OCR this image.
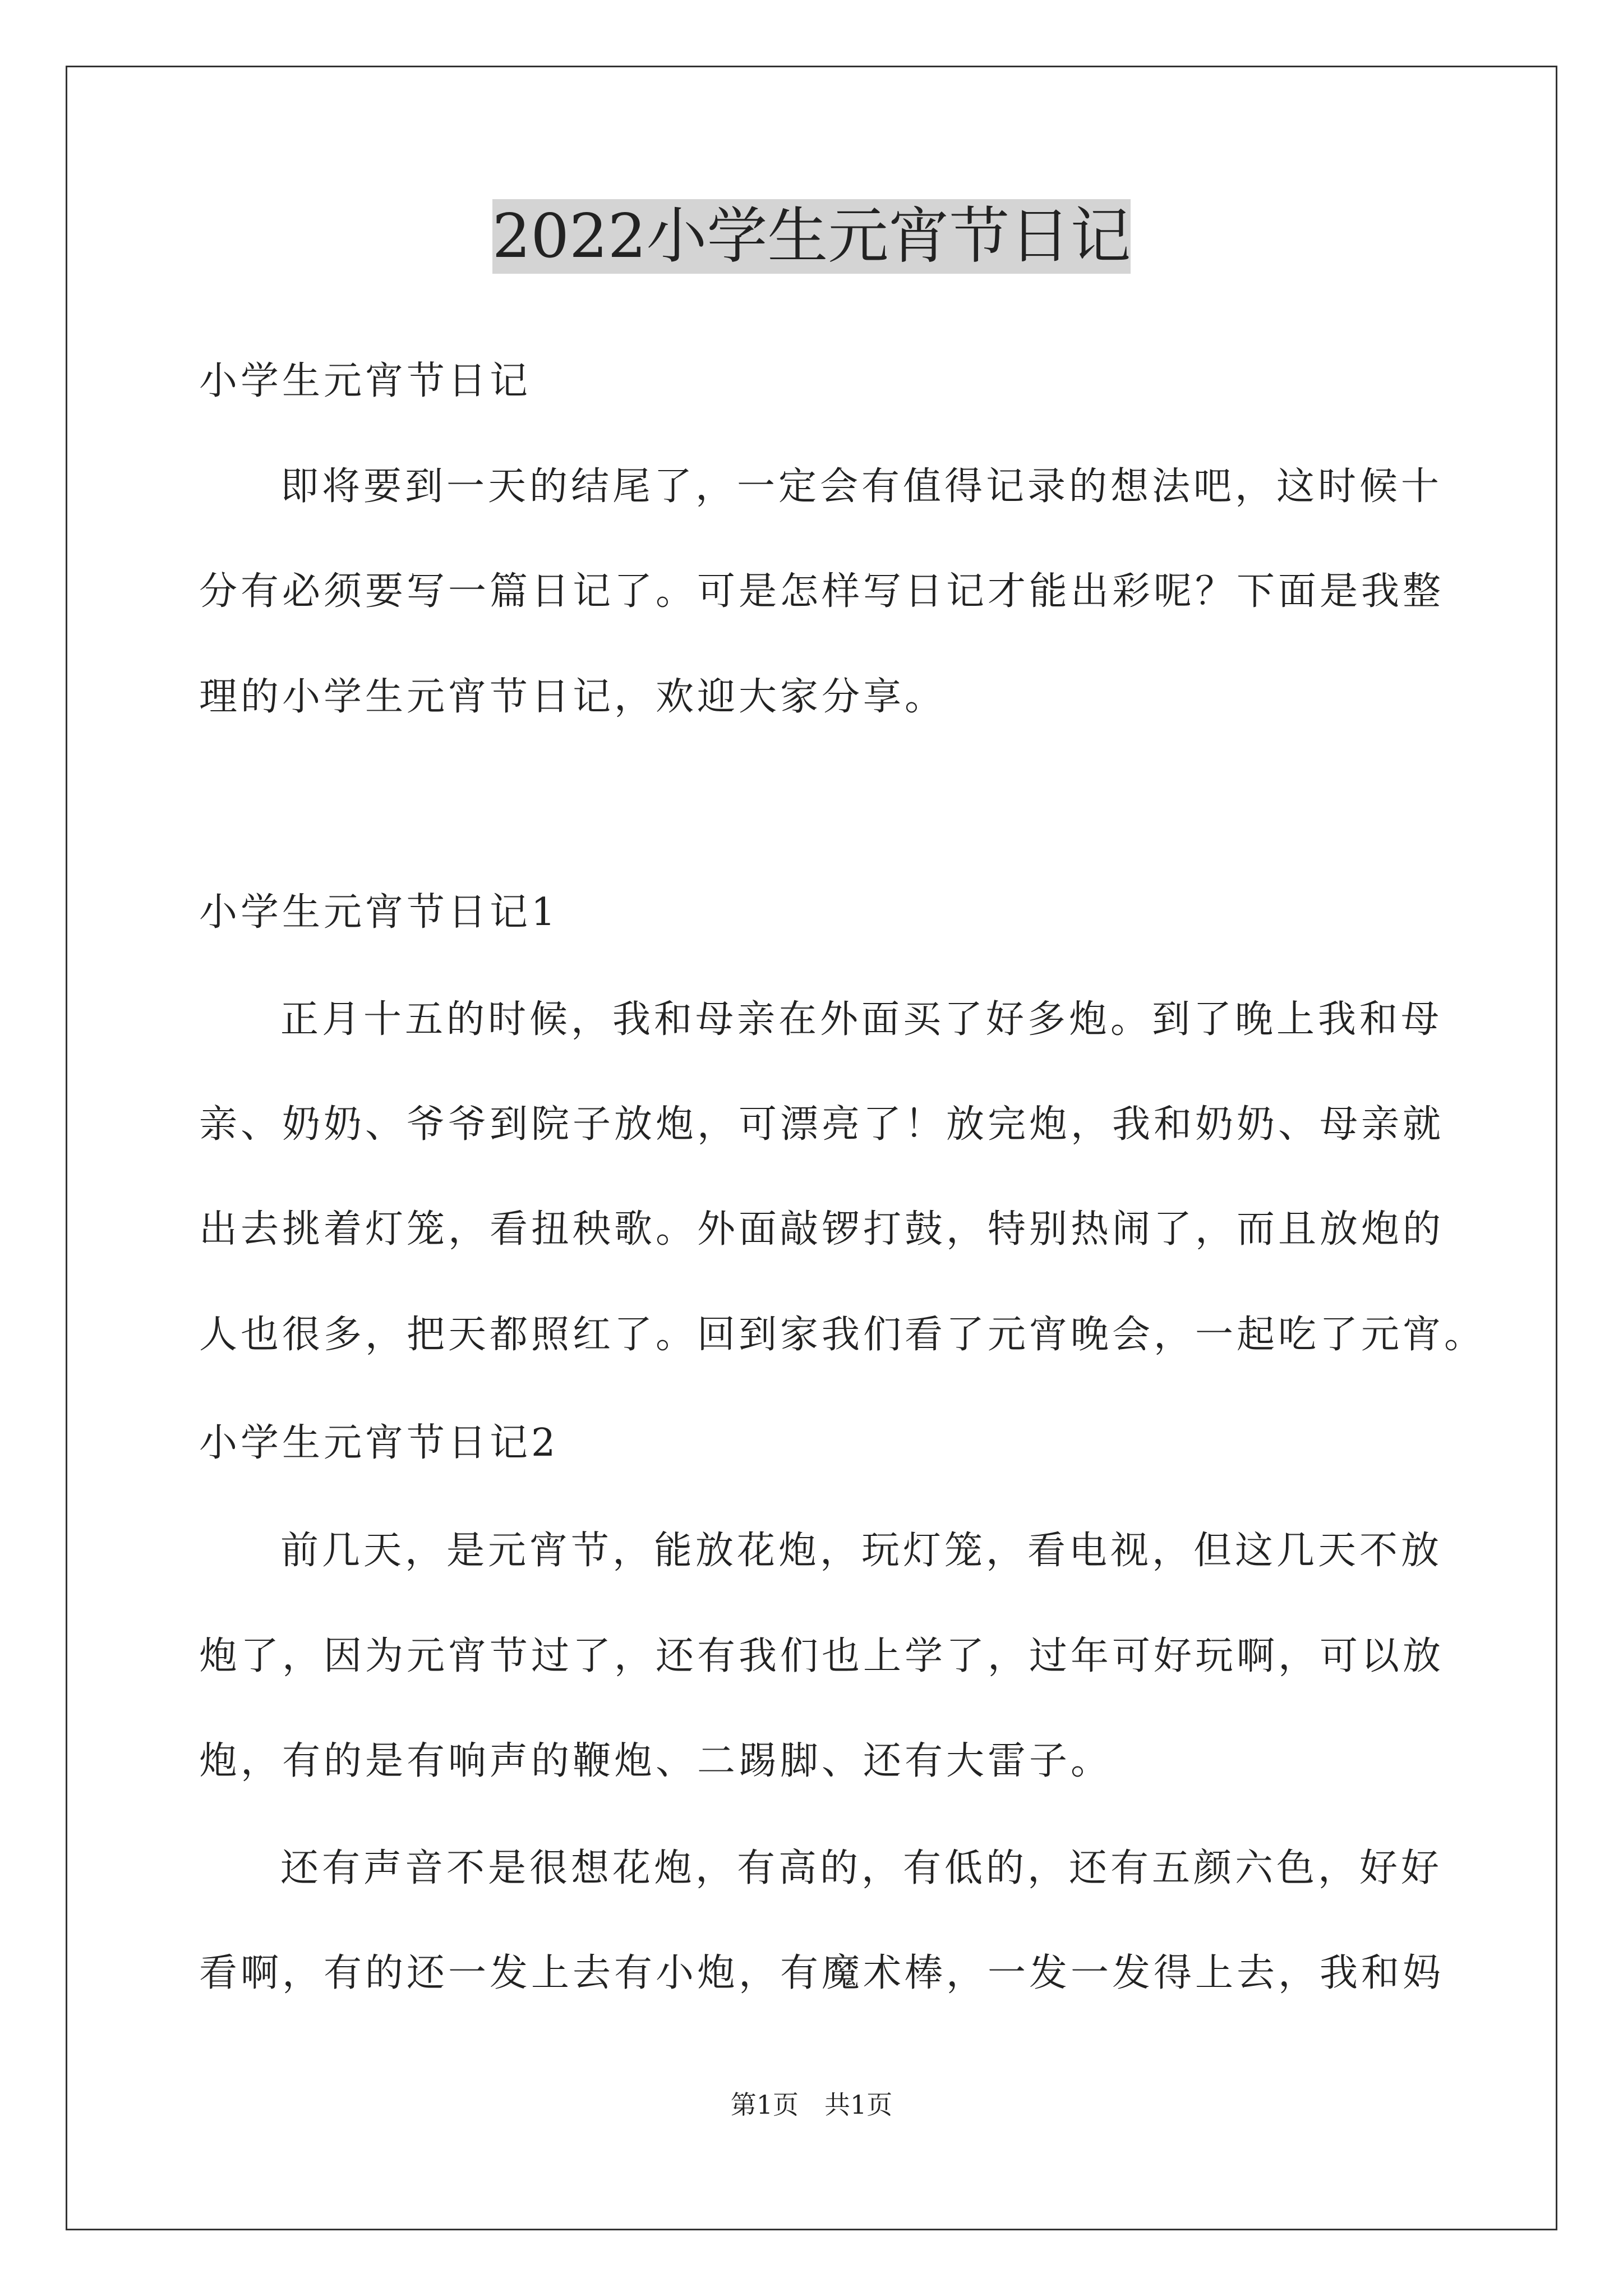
2022小学生元宵节日记
小学生元宵节日记
即将要到一天的结尾了，一定会有值得记录的想法吧，这时候十
分有必须要写一篇日记了。可是怎样写日记才能出彩呢？下面是我整
理的小学生元宵节日记，欢迎大家分享。
小学生元宵节日记1
正月十五的时候，我和母亲在外面买了好多炮。到了晚上我和母
亲、奶奶、爷爷到院子放炮，可漂亮了！放完炮，我和奶奶、母亲就
出去挑着灯笼，看扭秧歌。外面敲锣打鼓，特别热闹了，而且放炮的
人也很多，把天都照红了。回到家我们看了元宵晚会，一起吃了元宵。
小学生元宵节日记2
前几天，是元宵节，能放花炮，玩灯笼，看电视，但这几天不放
炮了，因为元宵节过了，还有我们也上学了，过年可好玩啊，可以放
炮，有的是有响声的鞭炮、二踢脚、还有大雷子。
还有声音不是很想花炮，有高的，有低的，还有五颜六色，好好
看啊，有的还一发上去有小炮，有魔术棒，一发一发得上去，我和妈
第1页　共1页
